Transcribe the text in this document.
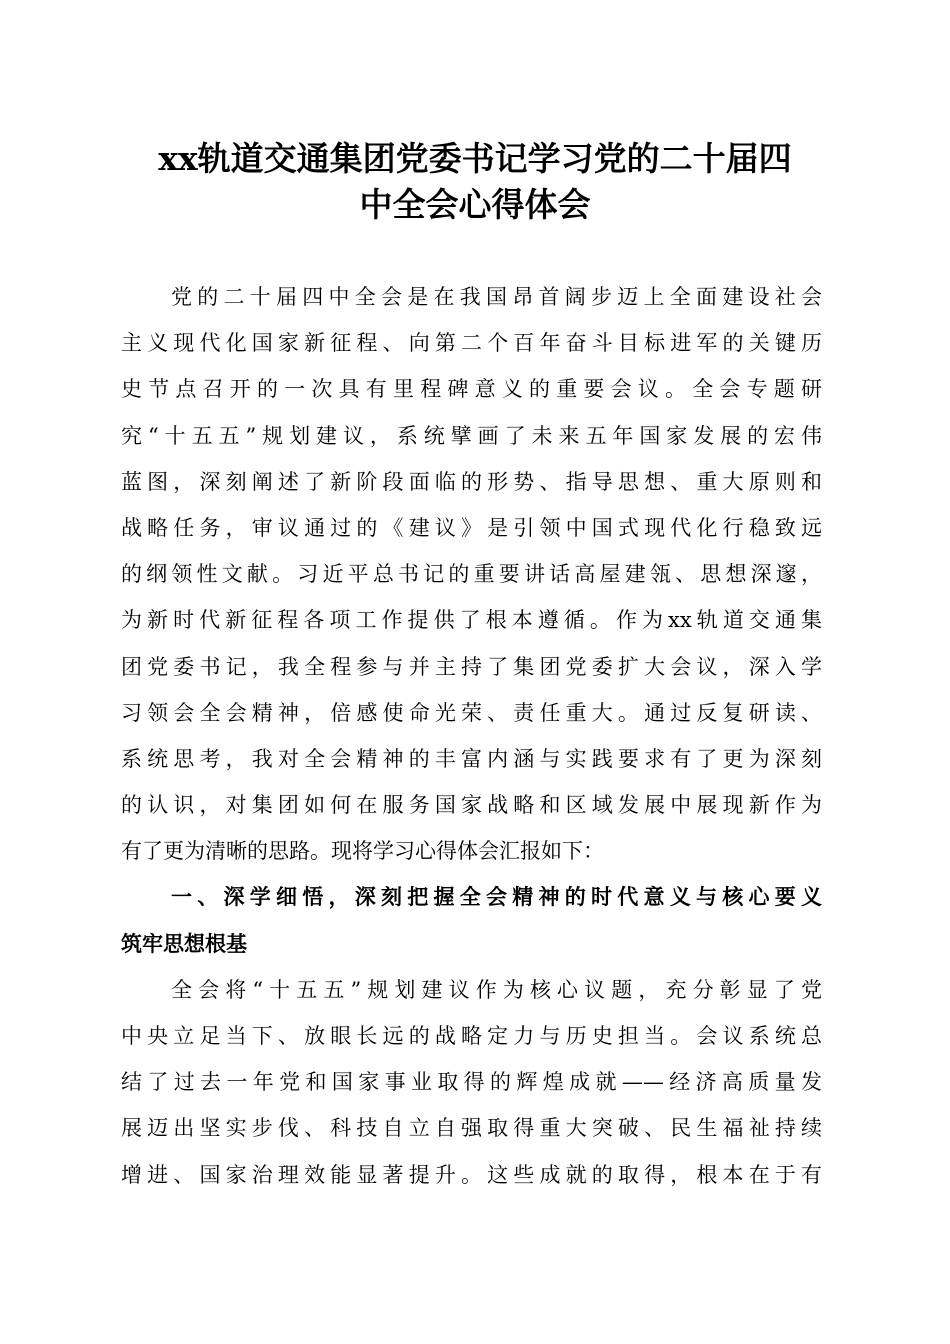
xx轨道交通集团党委书记学习党的二十届四
中全会心得体会
党的二十届四中全会是在我国昂首阔步迈上全面建设社会
主义现代化国家新征程、向第二个百年奋斗目标进军的关键历
史节点召开的一次具有里程碑意义的重要会议。全会专题研
究“十五五”规划建议，系统擘画了未来五年国家发展的宏伟
蓝图，深刻阐述了新阶段面临的形势、指导思想、重大原则和
战略任务，审议通过的《建议》是引领中国式现代化行稳致远
的纲领性文献。习近平总书记的重要讲话高屋建瓴、思想深邃，
为新时代新征程各项工作提供了根本遵循。作为xx轨道交通集
团党委书记，我全程参与并主持了集团党委扩大会议，深入学
习领会全会精神，倍感使命光荣、责任重大。通过反复研读、
系统思考，我对全会精神的丰富内涵与实践要求有了更为深刻
的认识，对集团如何在服务国家战略和区域发展中展现新作为
有了更为清晰的思路。现将学习心得体会汇报如下：
一、深学细悟，深刻把握全会精神的时代意义与核心要义
筑牢思想根基
全会将“十五五”规划建议作为核心议题，充分彰显了党
中央立足当下、放眼长远的战略定力与历史担当。会议系统总
结了过去一年党和国家事业取得的辉煌成就——经济高质量发
展迈出坚实步伐、科技自立自强取得重大突破、民生福祉持续
增进、国家治理效能显著提升。这些成就的取得，根本在于有
